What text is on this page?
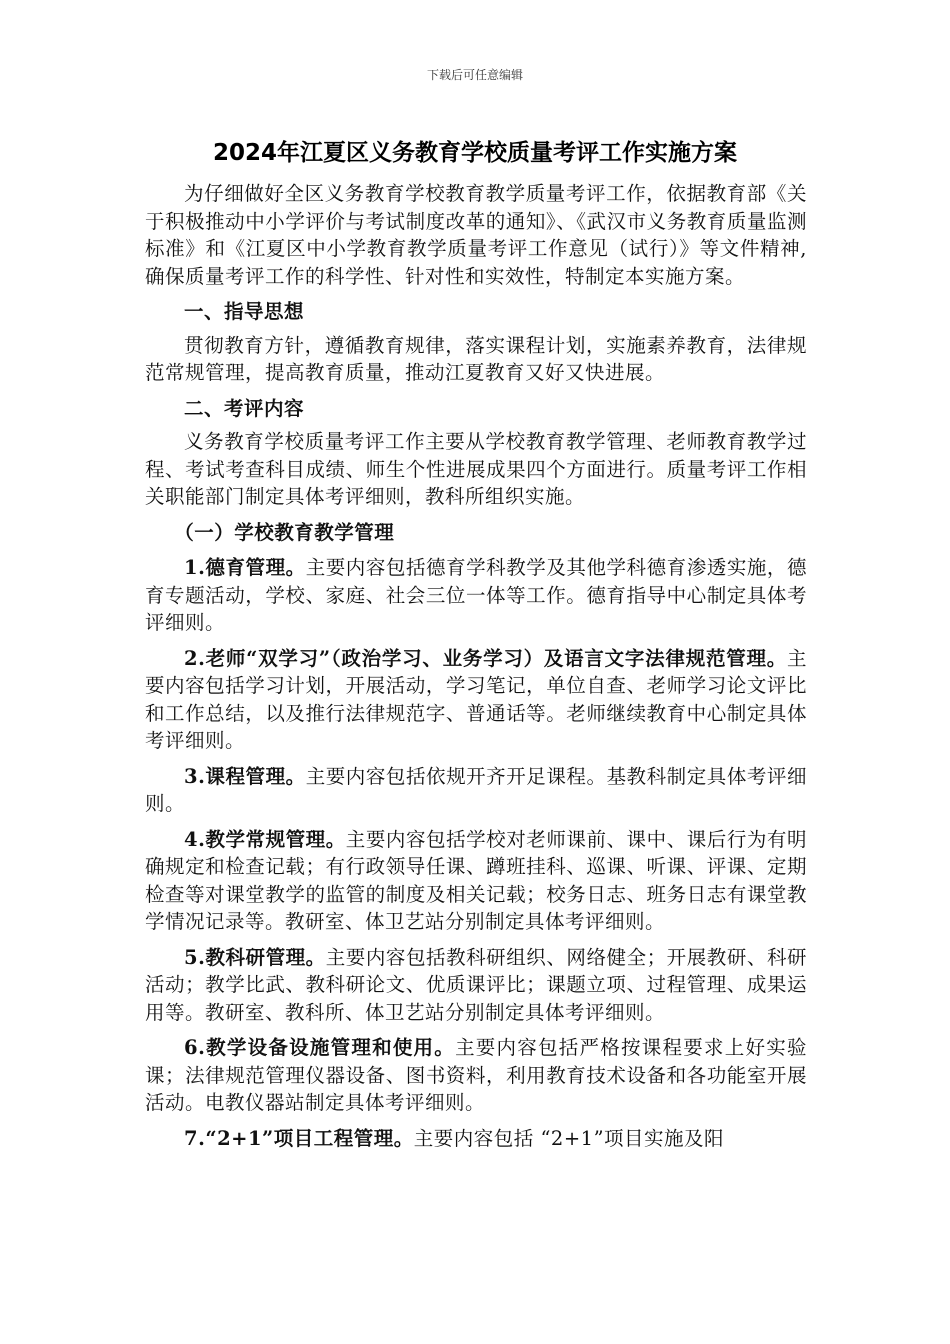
下载后可任意编辑
2024年江夏区义务教育学校质量考评工作实施方案

为仔细做好全区义务教育学校教育教学质量考评工作，依据教育部《关于积极推动中小学评价与考试制度改革的通知》、《武汉市义务教育质量监测标准》和《江夏区中小学教育教学质量考评工作意见（试行）》等文件精神,确保质量考评工作的科学性、针对性和实效性，特制定本实施方案。

一、指导思想

贯彻教育方针，遵循教育规律，落实课程计划，实施素养教育，法律规范常规管理，提高教育质量，推动江夏教育又好又快进展。

二、考评内容

义务教育学校质量考评工作主要从学校教育教学管理、老师教育教学过程、考试考查科目成绩、师生个性进展成果四个方面进行。质量考评工作相关职能部门制定具体考评细则，教科所组织实施。

（一）学校教育教学管理

1.德育管理。主要内容包括德育学科教学及其他学科德育渗透实施，德育专题活动，学校、家庭、社会三位一体等工作。德育指导中心制定具体考评细则。

2.老师“双学习”（政治学习、业务学习）及语言文字法律规范管理。主要内容包括学习计划，开展活动，学习笔记，单位自查、老师学习论文评比和工作总结，以及推行法律规范字、普通话等。老师继续教育中心制定具体考评细则。

3.课程管理。主要内容包括依规开齐开足课程。基教科制定具体考评细则。

4.教学常规管理。主要内容包括学校对老师课前、课中、课后行为有明确规定和检查记载；有行政领导任课、蹲班挂科、巡课、听课、评课、定期检查等对课堂教学的监管的制度及相关记载；校务日志、班务日志有课堂教学情况记录等。教研室、体卫艺站分别制定具体考评细则。

5.教科研管理。主要内容包括教科研组织、网络健全；开展教研、科研活动；教学比武、教科研论文、优质课评比；课题立项、过程管理、成果运用等。教研室、教科所、体卫艺站分别制定具体考评细则。

6.教学设备设施管理和使用。主要内容包括严格按课程要求上好实验课；法律规范管理仪器设备、图书资料，利用教育技术设备和各功能室开展活动。电教仪器站制定具体考评细则。

7.“2+1”项目工程管理。主要内容包括 “2+1”项目实施及阳
